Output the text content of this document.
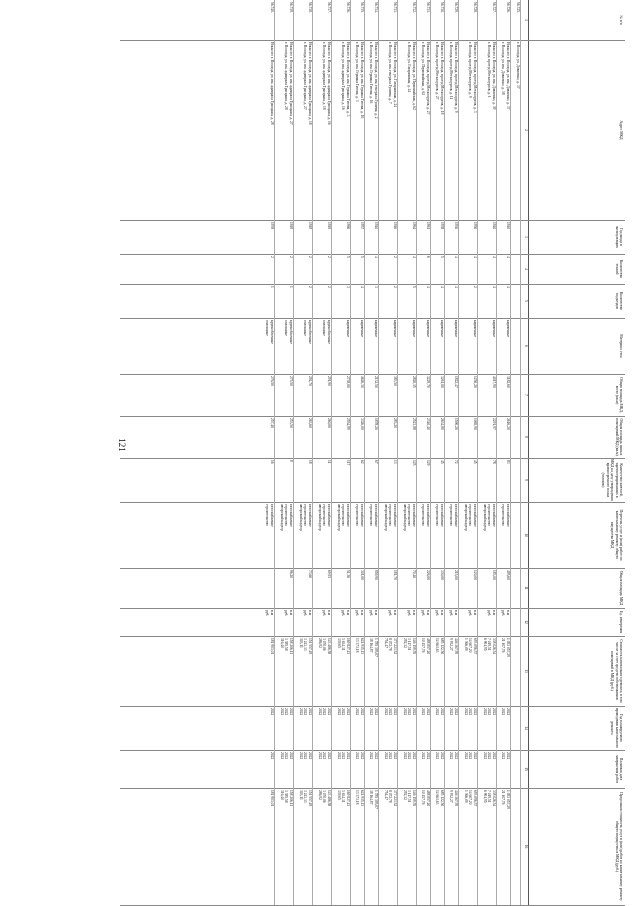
121
№ п/п
Адрес МКД
Год ввода в эксплуатацию
Количество этажей
Количество подъездов
Материал стен
Общая площадь МКД, всего (кв.м)
Общая площадь жилых помещений МКД (кв.м)
Количество жителей, зарегистрированных в МКД на дату утверждения краткосрочного плана (человек)
Перечень услуг и (или) работ по капитальному ремонту общего имущества МКД
Общая площадь МКД
Ед. измерения
Стоимость капитального ремонта, в том числе за счет средств собственников помещений в МКД (руб.)
Год планируемого проведения капитального ремонта
Плановая дата завершения работ
Предельная стоимость услуг и (или) работ по капитальному ремонту общего имущества в МКД (руб.)
1
2
3
4
5
6
7
8
9
10
11
12
13
14
15
16
56.725.
г. Вологда, ул. Довженко, д. 37
56.726.
Ноько по г. Вологда, ул. им. Довженко, д. 37
г. Вологда, ул. им. Довженко, д. 38
1940
4
4
кирпичные
3182,60
2616,20
83
газоснабжение
строительство
495,60
п.м
руб.
1 053 057,29
21 107,76
2022
2022
2022
2022
1 053 057,29
21 107,76
56.727.
Ноько по г. Вологда, ул. им. Довженко, д. 39
г. Вологда, проезд Металлургов, д. 1
1940
4
4
кирпичные
4017,90
2291,97
78
газоснабжение
строительство
авторский надзор
183,00
п.м
руб.
338 026,54
7 019,51
6 961,95
2022
2022
2022
2022
2022
2022
338 026,54
7 019,51
6 961,95
56.728.
Ноько по г. Вологда, проезд Металлургов, д. 3
г. Вологда, проезд Металлургов, д. 9
1950
4
2
кирпичные
1250,20
1065,90
45
газоснабжение
строительство
авторский надзор
120,00
п.м
руб.
693 096,57
14 607,20
1 366,09
2022
2022
2022
2022
2022
2022
693 096,57
14 607,20
1 366,09
56.729.
Ноько по г. Вологда, проезд Металлургов, д. 9
г. Вологда, проезд Металлургов, д. 11
1930
4
4
кирпичные
1822,47
1590,20
72
газоснабжение
строительство
215,00
п.м
руб.
446 367,95
9 932,27
2022
2022
2022
2022
446 367,95
9 932,27
56.730.
Ноько по г. Вологда, проезд Металлургов, д. 18
г. Вологда, проезд Металлургов, д. 27
1938
5
4
кирпичные
3261,00
2634,80
45
газоснабжение
строительство
330,00
п.м
руб.
685 122,50
14 661,63
2022
2022
2022
2022
685 122,50
14 661,63
56.731.
Ноько по г. Вологда, проезд Металлургов, д. 27
г. Вологда, ул. Первомайская, д. 62
1961
6
4
кирпичные
3229,70
2340,40
129
газоснабжение
строительство
226,00
п.м
руб.
488 857,20
10 457,76
2022
2022
2022
2022
488 857,20
10 457,76
56.732.
Ноько по г. Вологда, ул. Первомайская, д. 62
г. Вологда, ул. Гагаринская, д. 24
1964
4
5
кирпичные
2820,15
2523,88
125
газоснабжение
строительство
авторский надзор
70,40
п.м
руб.
146 159,55
3 117,51
292,32
2022
2022
2022
2022
2022
2022
146 159,55
3 117,51
292,32
56.733.
Ноько по г. Вологда, ул. Гагаринская, д. 24
г. Вологда, ул. им. генерала Гуляева, д. 7
1946
2
2
кирпичные
383,50
283,20
13
газоснабжение
строительство
авторский надзор
181,70
п.м
руб.
377 223,52
8 072,78
754,47
2022
2022
2022
2022
2022
2022
377 223,52
8 072,78
754,47
56.734.
Ноько по г. Вологда, ул. им. генерала Гуляева, д. 2
г. Вологда, ул. им. Германа Титова, д. 16
1940
4
3
кирпичные
2132,50
1878,20
67
газоснабжение
строительство
859,90
п.м
руб.
1 785 395,87
38 164,87
2022
2022
2022
2022
1 785 395,87
38 164,87
56.735.
Ноько по г. Вологда, ул. им. Германа Титова, д. 16
г. Вологда, ул. им. Германа Титова, д. 3
1957
5
4
кирпичные
4626,30
3326,00
62
газоснабжение
строительство
301,00
п.м
руб.
624 915,13
13 373,18
2022
2022
2022
2022
624 915,13
13 373,18
56.736.
Ноько по г. Вологда, ул. им. Германа Титова, д. 3
г. Вологда, ул. им. адмирала Трясцына, д. 16
1960
5
3
кирпичные
2738,00
2554,99
117
газоснабжение
строительство
авторский надзор
51,36
п.м
руб.
169 827,43
3 634,31
339,65
2022
2022
2022
2022
2022
2022
169 827,43
3 634,31
339,65
56.737.
Ноько по г. Вологда, ул. им. адмирала Трясцына, д. 16
г. Вологда, ул. им. адмирала Трясцына, д. 18
1949
2
2
крупноблочные
сплошные
291,90
260,00
11
газоснабжение
строительство
авторский надзор
69,93
п.м
руб.
143 486,58
3 070,06
286,92
2022
2022
2022
2022
2022
2022
143 486,58
3 070,06
286,92
56.738.
Ноько по г. Вологда, ул. им. адмирала Трясцына, д. 18
г. Вологда, ул. им. адмирала Трясцына, д. 27
1949
2
2
крупноблочные
сплошные
294,70
263,60
18
газоснабжение
строительство
авторский надзор
73,60
п.м
руб.
151 557,49
3 243,33
303,11
2022
2022
2022
2022
2022
2022
151 557,49
3 243,33
303,11
56.739.
Ноько по г. Вологда, ул. им. адмирала Трясцына, д. 27
г. Вологда, ул. им. адмирала Трясцына, д. 28
1949
2
1
крупноблочные
сплошные
275,50
253,50
8
газоснабжение
строительство
авторский надзор
96,20
п.м
руб.
158 206,11
3 385,58
316,40
2022
2022
2022
2022
2022
2022
158 206,11
3 385,58
316,40
56.740.
Ноько по г. Вологда, ул. им. адмирала Трясцына, д. 28
1939
2
1
крупноблочные
сплошные
276,50
257,40
16
газоснабжение
строительство
п.м
руб.
181 903,01
2022
2022
181 903,01
